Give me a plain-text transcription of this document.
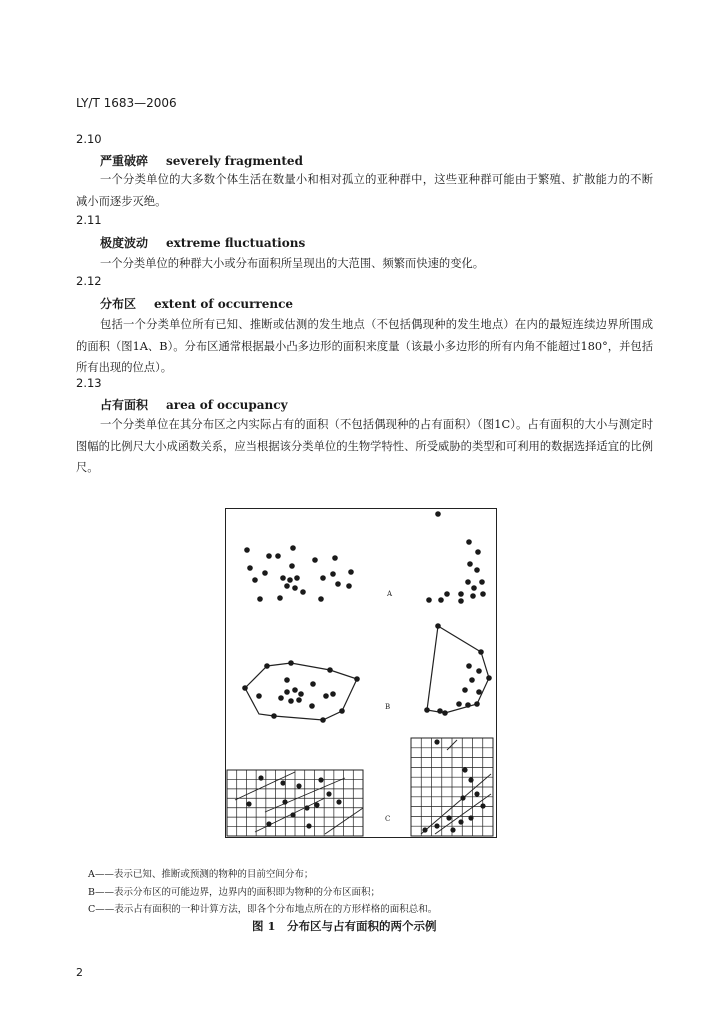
LY/T 1683—2006
2.10
严重破碎 severely fragmented
一个分类单位的大多数个体生活在数量小和相对孤立的亚种群中，这些亚种群可能由于繁殖、扩散能力的不断减小而逐步灭绝。
2.11
极度波动 extreme fluctuations
一个分类单位的种群大小或分布面积所呈现出的大范围、频繁而快速的变化。
2.12
分布区 extent of occurrence
包括一个分类单位所有已知、推断或估测的发生地点（不包括偶现种的发生地点）在内的最短连续边界所围成的面积（图1A、B）。分布区通常根据最小凸多边形的面积来度量（该最小多边形的所有内角不能超过180°，并包括所有出现的位点）。
2.13
占有面积 area of occupancy
一个分类单位在其分布区之内实际占有的面积（不包括偶现种的占有面积）（图1C）。占有面积的大小与测定时图幅的比例尺大小成函数关系，应当根据该分类单位的生物学特性、所受威胁的类型和可利用的数据选择适宜的比例尺。
A
B
C
A——表示已知、推断或预测的物种的目前空间分布；
B——表示分布区的可能边界，边界内的面积即为物种的分布区面积；
C——表示占有面积的一种计算方法，即各个分布地点所在的方形样格的面积总和。
图 1　分布区与占有面积的两个示例
2
